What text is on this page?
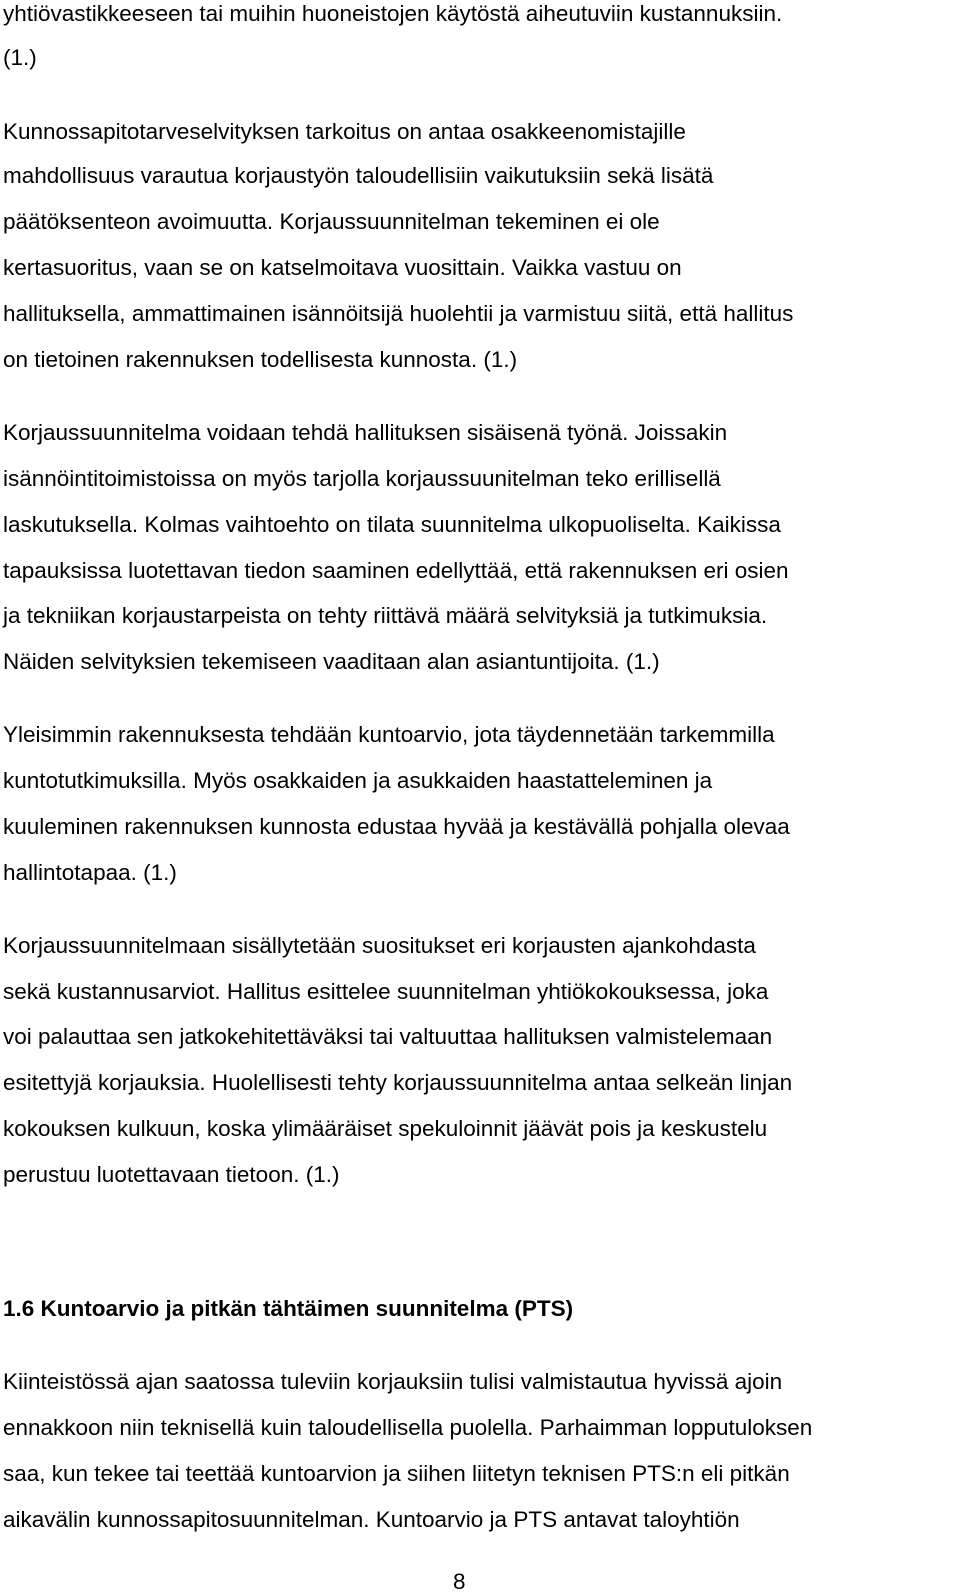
yhtiövastikkeeseen tai muihin huoneistojen käytöstä aiheutuviin kustannuksiin.
(1.)
Kunnossapitotarveselvityksen tarkoitus on antaa osakkeenomistajille
mahdollisuus varautua korjaustyön taloudellisiin vaikutuksiin sekä lisätä
päätöksenteon avoimuutta. Korjaussuunnitelman tekeminen ei ole
kertasuoritus, vaan se on katselmoitava vuosittain. Vaikka vastuu on
hallituksella, ammattimainen isännöitsijä huolehtii ja varmistuu siitä, että hallitus
on tietoinen rakennuksen todellisesta kunnosta. (1.)
Korjaussuunnitelma voidaan tehdä hallituksen sisäisenä työnä. Joissakin
isännöintitoimistoissa on myös tarjolla korjaussuunitelman teko erillisellä
laskutuksella. Kolmas vaihtoehto on tilata suunnitelma ulkopuoliselta. Kaikissa
tapauksissa luotettavan tiedon saaminen edellyttää, että rakennuksen eri osien
ja tekniikan korjaustarpeista on tehty riittävä määrä selvityksiä ja tutkimuksia.
Näiden selvityksien tekemiseen vaaditaan alan asiantuntijoita. (1.)
Yleisimmin rakennuksesta tehdään kuntoarvio, jota täydennetään tarkemmilla
kuntotutkimuksilla. Myös osakkaiden ja asukkaiden haastatteleminen ja
kuuleminen rakennuksen kunnosta edustaa hyvää ja kestävällä pohjalla olevaa
hallintotapaa. (1.)
Korjaussuunnitelmaan sisällytetään suositukset eri korjausten ajankohdasta
sekä kustannusarviot. Hallitus esittelee suunnitelman yhtiökokouksessa, joka
voi palauttaa sen jatkokehitettäväksi tai valtuuttaa hallituksen valmistelemaan
esitettyjä korjauksia. Huolellisesti tehty korjaussuunnitelma antaa selkeän linjan
kokouksen kulkuun, koska ylimääräiset spekuloinnit jäävät pois ja keskustelu
perustuu luotettavaan tietoon. (1.)
1.6 Kuntoarvio ja pitkän tähtäimen suunnitelma (PTS)
Kiinteistössä ajan saatossa tuleviin korjauksiin tulisi valmistautua hyvissä ajoin
ennakkoon niin teknisellä kuin taloudellisella puolella. Parhaimman lopputuloksen
saa, kun tekee tai teettää kuntoarvion ja siihen liitetyn teknisen PTS:n eli pitkän
aikavälin kunnossapitosuunnitelman. Kuntoarvio ja PTS antavat taloyhtiön
8
